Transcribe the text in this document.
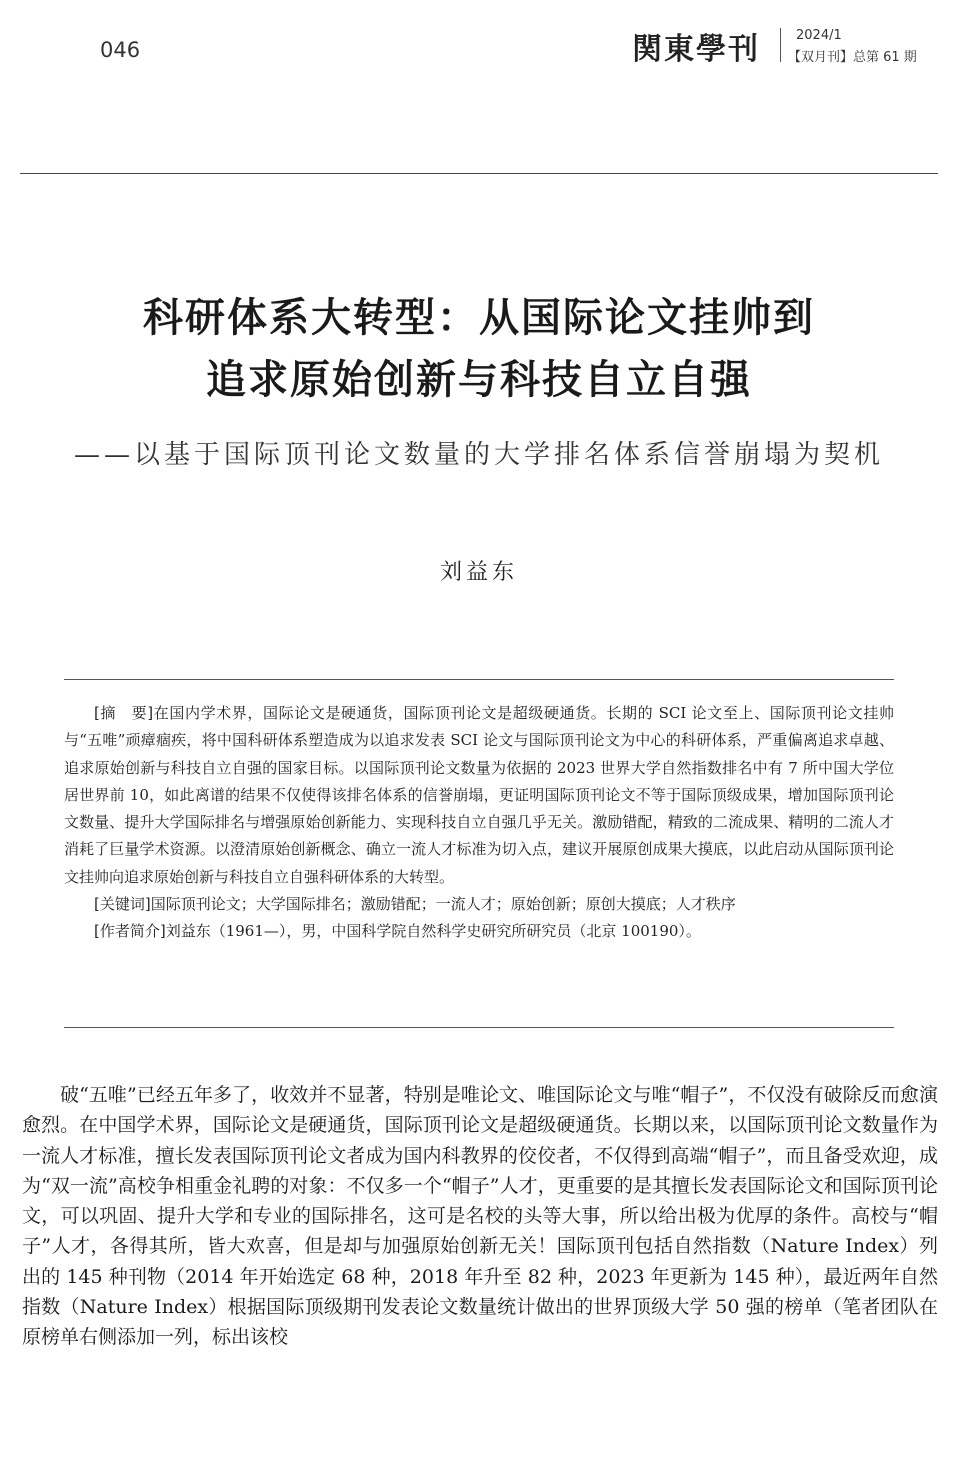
046	関東學刊	2024/1
【双月刊】总第 61 期
科研体系大转型：从国际论文挂帅到
追求原始创新与科技自立自强
——以基于国际顶刊论文数量的大学排名体系信誉崩塌为契机
刘益东

[摘　要]在国内学术界，国际论文是硬通货，国际顶刊论文是超级硬通货。长期的 SCI 论文至上、国际顶刊论文挂帅与“五唯”顽瘴痼疾，将中国科研体系塑造成为以追求发表 SCI 论文与国际顶刊论文为中心的科研体系，严重偏离追求卓越、追求原始创新与科技自立自强的国家目标。以国际顶刊论文数量为依据的 2023 世界大学自然指数排名中有 7 所中国大学位居世界前 10，如此离谱的结果不仅使得该排名体系的信誉崩塌，更证明国际顶刊论文不等于国际顶级成果，增加国际顶刊论文数量、提升大学国际排名与增强原始创新能力、实现科技自立自强几乎无关。激励错配，精致的二流成果、精明的二流人才消耗了巨量学术资源。以澄清原始创新概念、确立一流人才标准为切入点，建议开展原创成果大摸底，以此启动从国际顶刊论文挂帅向追求原始创新与科技自立自强科研体系的大转型。

[关键词]国际顶刊论文；大学国际排名；激励错配；一流人才；原始创新；原创大摸底；人才秩序

[作者简介]刘益东（1961—），男，中国科学院自然科学史研究所研究员（北京 100190）。

破“五唯”已经五年多了，收效并不显著，特别是唯论文、唯国际论文与唯“帽子”，不仅没有破除反而愈演愈烈。在中国学术界，国际论文是硬通货，国际顶刊论文是超级硬通货。长期以来，以国际顶刊论文数量作为一流人才标准，擅长发表国际顶刊论文者成为国内科教界的佼佼者，不仅得到高端“帽子”，而且备受欢迎，成为“双一流”高校争相重金礼聘的对象：不仅多一个“帽子”人才，更重要的是其擅长发表国际论文和国际顶刊论文，可以巩固、提升大学和专业的国际排名，这可是名校的头等大事，所以给出极为优厚的条件。高校与“帽子”人才，各得其所，皆大欢喜，但是却与加强原始创新无关！国际顶刊包括自然指数（Nature Index）列出的 145 种刊物（2014 年开始选定 68 种，2018 年升至 82 种，2023 年更新为 145 种），最近两年自然指数（Nature Index）根据国际顶级期刊发表论文数量统计做出的世界顶级大学 50 强的榜单（笔者团队在原榜单右侧添加一列，标出该校
